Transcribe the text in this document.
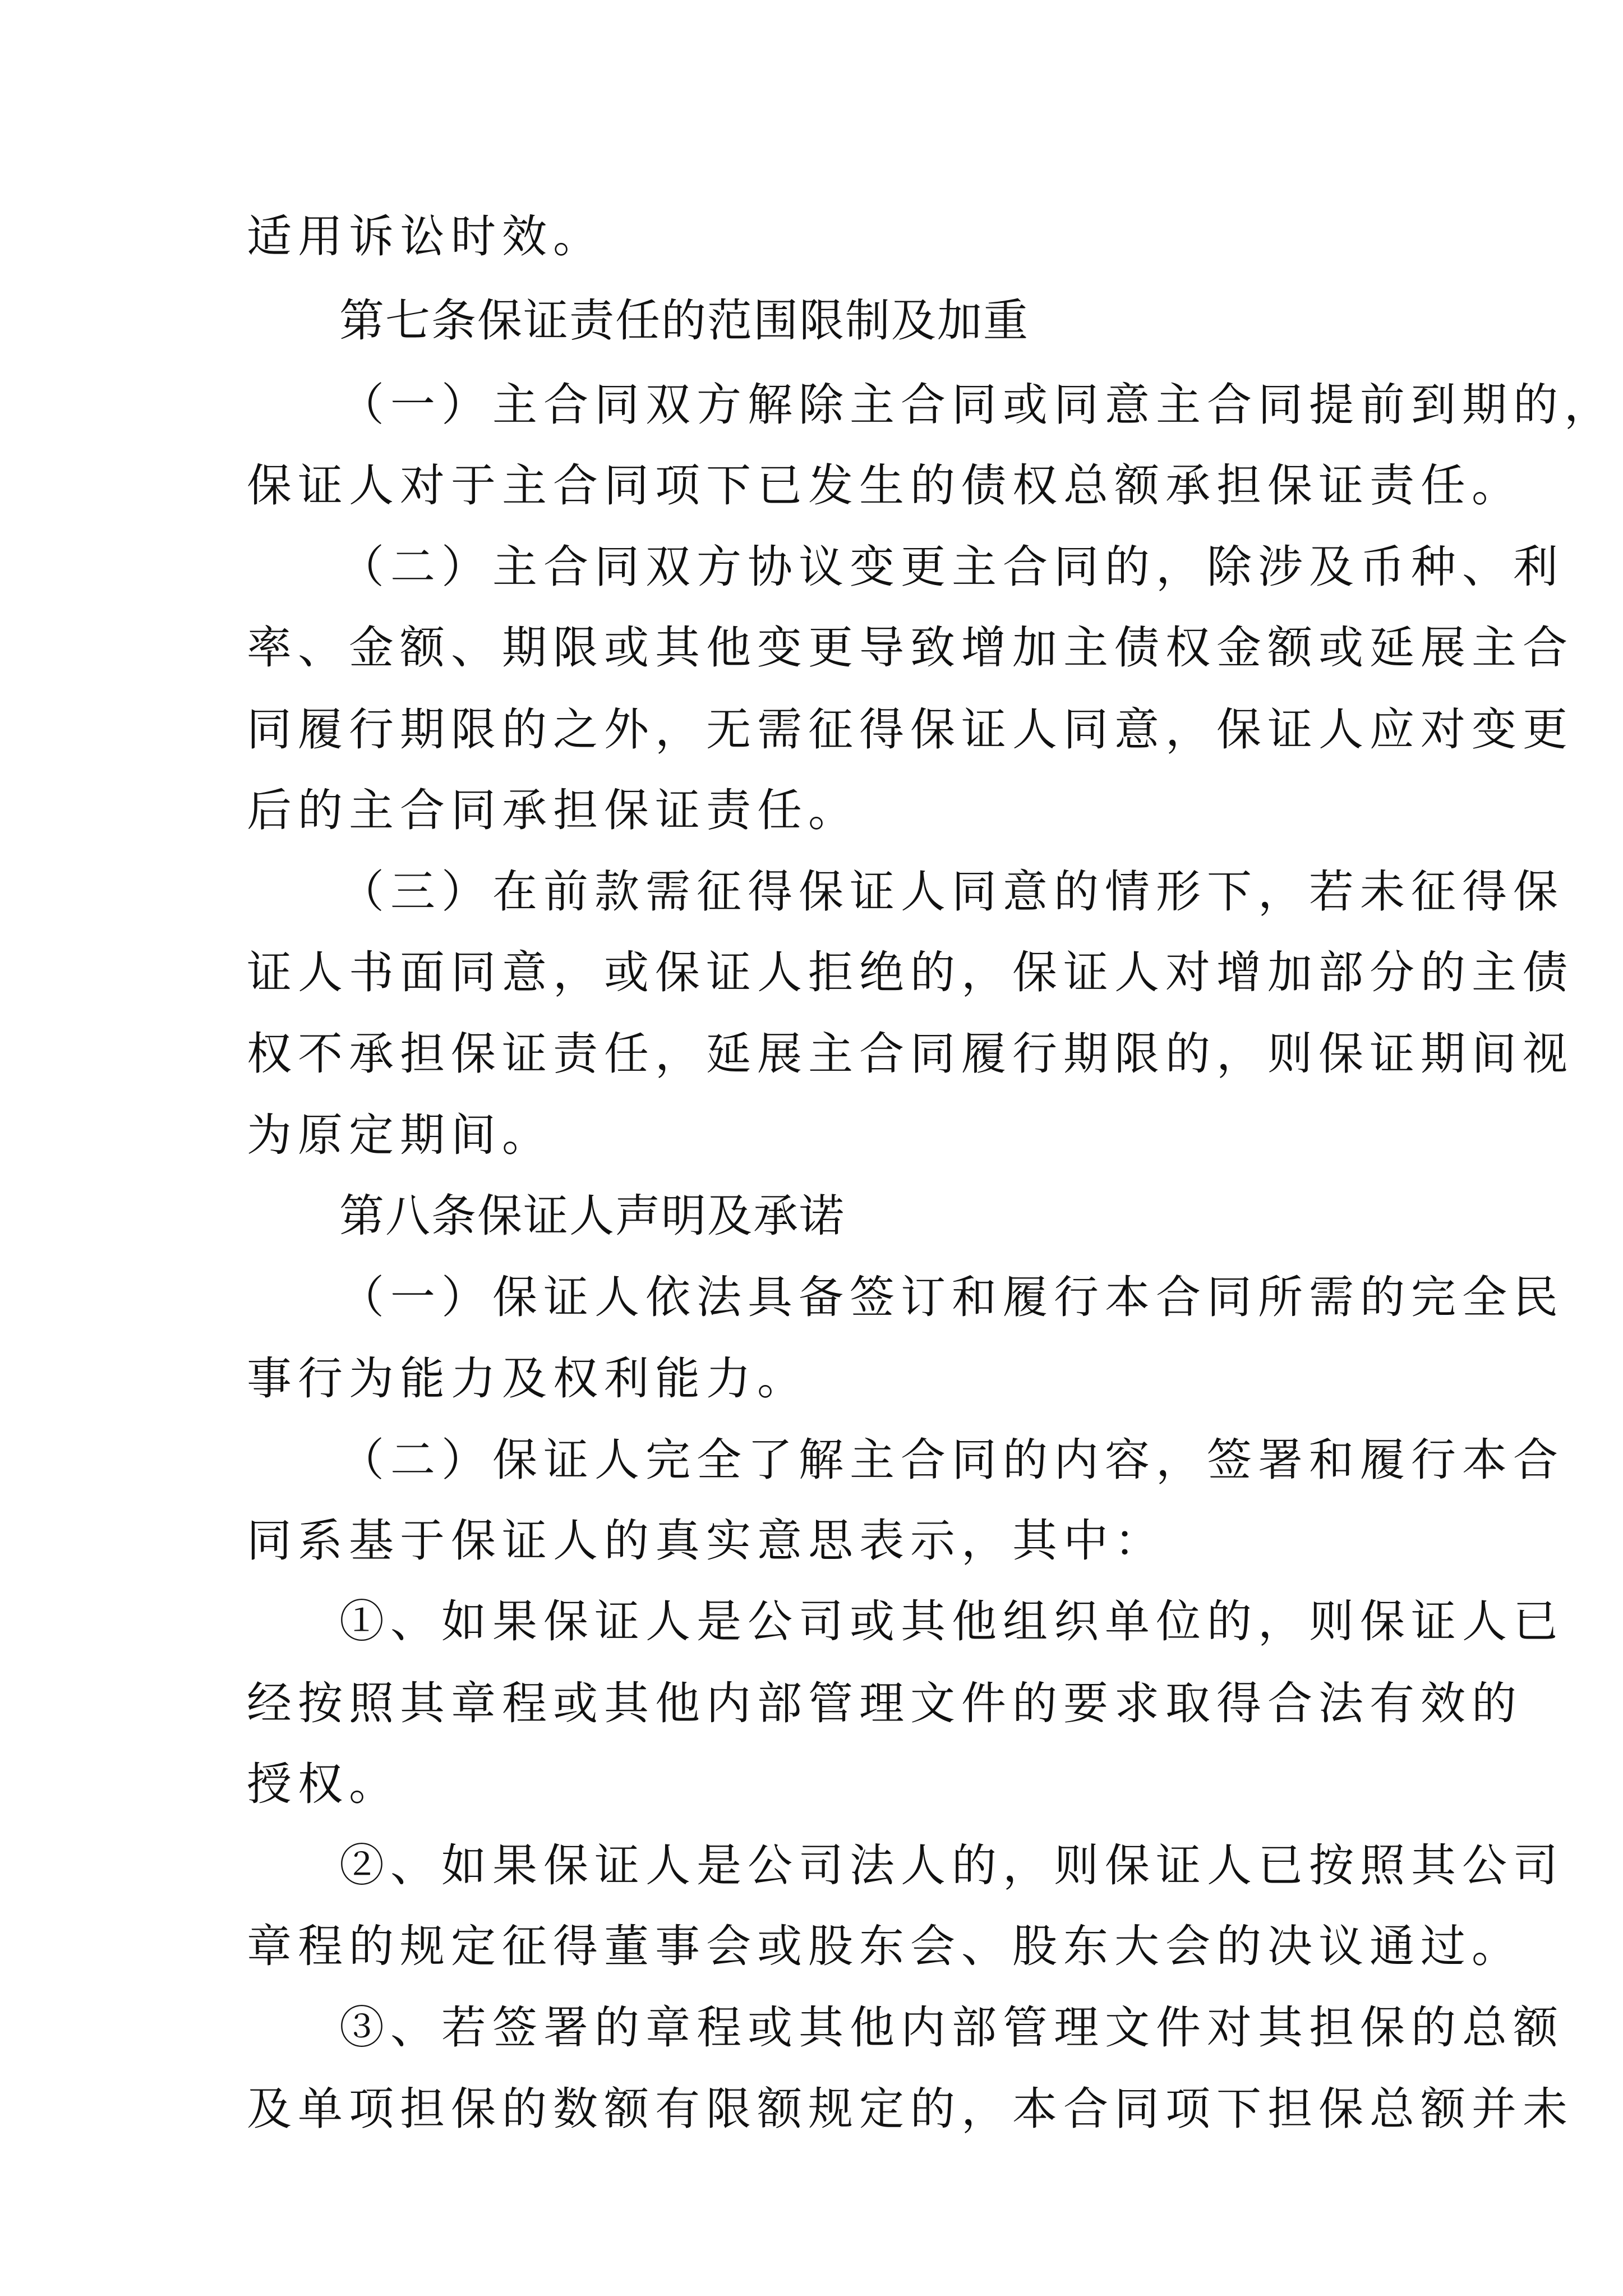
适用诉讼时效。
第七条保证责任的范围限制及加重
（一）主合同双方解除主合同或同意主合同提前到期的，
保证人对于主合同项下已发生的债权总额承担保证责任。
（二）主合同双方协议变更主合同的，除涉及币种、利
率、金额、期限或其他变更导致增加主债权金额或延展主合
同履行期限的之外，无需征得保证人同意，保证人应对变更
后的主合同承担保证责任。
（三）在前款需征得保证人同意的情形下，若未征得保
证人书面同意，或保证人拒绝的，保证人对增加部分的主债
权不承担保证责任，延展主合同履行期限的，则保证期间视
为原定期间。
第八条保证人声明及承诺
（一）保证人依法具备签订和履行本合同所需的完全民
事行为能力及权利能力。
（二）保证人完全了解主合同的内容，签署和履行本合
同系基于保证人的真实意思表示，其中：
①、如果保证人是公司或其他组织单位的，则保证人已
经按照其章程或其他内部管理文件的要求取得合法有效的
授权。
②、如果保证人是公司法人的，则保证人已按照其公司
章程的规定征得董事会或股东会、股东大会的决议通过。
③、若签署的章程或其他内部管理文件对其担保的总额
及单项担保的数额有限额规定的，本合同项下担保总额并未
